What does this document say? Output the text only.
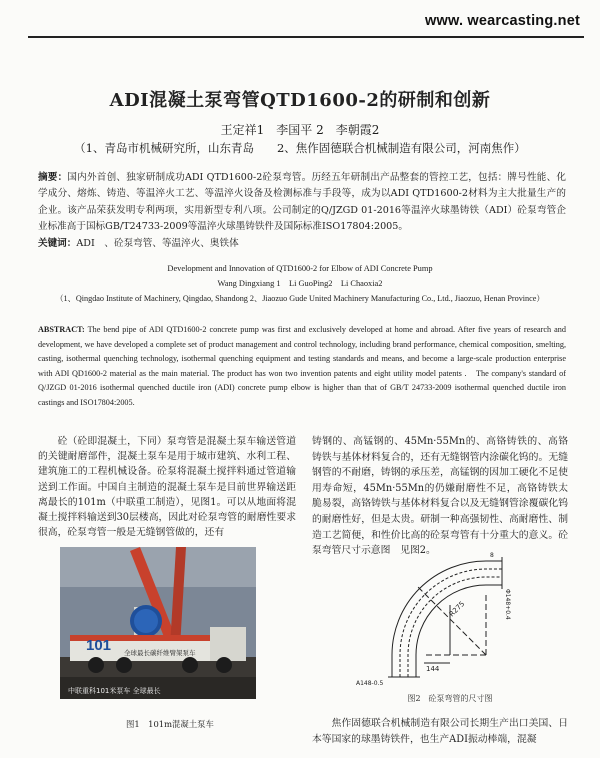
www. wearcasting.net
ADI混凝土泵弯管QTD1600-2的研制和创新
王定祥1　李国平 2　李朝霞2
（1、青岛市机械研究所，山东青岛　　2、焦作固德联合机械制造有限公司，河南焦作）
摘要：国内外首创、独家研制成功ADI QTD1600-2砼泵弯管。历经五年研制出产品整套的管控工艺，包括：牌号性能、化学成分、熔炼、铸造、等温淬火工艺、等温淬火设备及检测标准与手段等，成为以ADI QTD1600-2材料为主大批量生产的企业。该产品荣获发明专利两项，实用新型专利八项。公司制定的Q/JZGD 01-2016等温淬火球墨铸铁（ADI）砼泵弯管企业标准高于国标GB/T24733-2009等温淬火球墨铸铁件及国际标准ISO17804:2005。
关键词：ADI　、砼泵弯管、等温淬火、奥铁体
Development and Innovation of QTD1600-2 for Elbow of ADI Concrete Pump
Wang Dingxiang 1　Li GuoPing2　Li Chaoxia2
（1、Qingdao Institute of Machinery, Qingdao, Shandong 2、Jiaozuo Gude United Machinery Manufacturing Co., Ltd., Jiaozuo, Henan Province）
ABSTRACT: The bend pipe of ADI QTD1600-2 concrete pump was first and exclusively developed at home and abroad. After five years of research and development, we have developed a complete set of product management and control technology, including brand performance, chemical composition, smelting, casting, isothermal quenching technology, isothermal quenching equipment and testing standards and means, and become a large-scale production enterprise with ADI QD1600-2 material as the main material. The product has won two invention patents and eight utility model patents .　The company's standard of Q/JZGD 01-2016 isothermal quenched ductile iron (ADI) concrete pump elbow is higher than that of GB/T 24733-2009 isothermal quenched ductile iron castings and ISO17804:2005.
砼（砼即混凝土，下同）泵弯管是混凝土泵车输送管道的关键耐磨部件，混凝土泵车是用于城市建筑、水利工程、建筑施工的工程机械设备。砼泵将混凝土搅拌料通过管道输送到工作面。中国自主制造的混凝土泵车是目前世界输送距离最长的101m（中联重工制造），见图1。可以从地面将混凝土搅拌料输送到30层楼高，因此对砼泵弯管的耐磨性要求很高，砼泵弯管一般是无缝钢管做的，还有
铸钢的、高锰钢的、45Mn·55Mn的、高铬铸铁的、高铬铸铁与基体材料复合的，还有无缝钢管内涂碳化钨的。无缝钢管的不耐磨，铸钢的承压差，高锰钢的因加工硬化不足使用寿命短，45Mn·55Mn的仍嫌耐磨性不足，高铬铸铁太脆易裂，高铬铸铁与基体材料复合以及无缝钢管涂覆碳化钨的耐磨性好，但是太贵。研制一种高强韧性、高耐磨性、制造工艺简便，和性价比高的砼泵弯管有十分重大的意义。砼泵弯管尺寸示意图　见图2。
101 全球最长碳纤维臂架泵车
中联重科101米泵车 全球最长
图1　101m混凝土泵车
R275
144
A148-0.5
Φ148+0.4
8
图2　砼泵弯管的尺寸图
焦作固德联合机械制造有限公司长期生产出口美国、日本等国家的球墨铸铁件，也生产ADI振动棒端，混凝
